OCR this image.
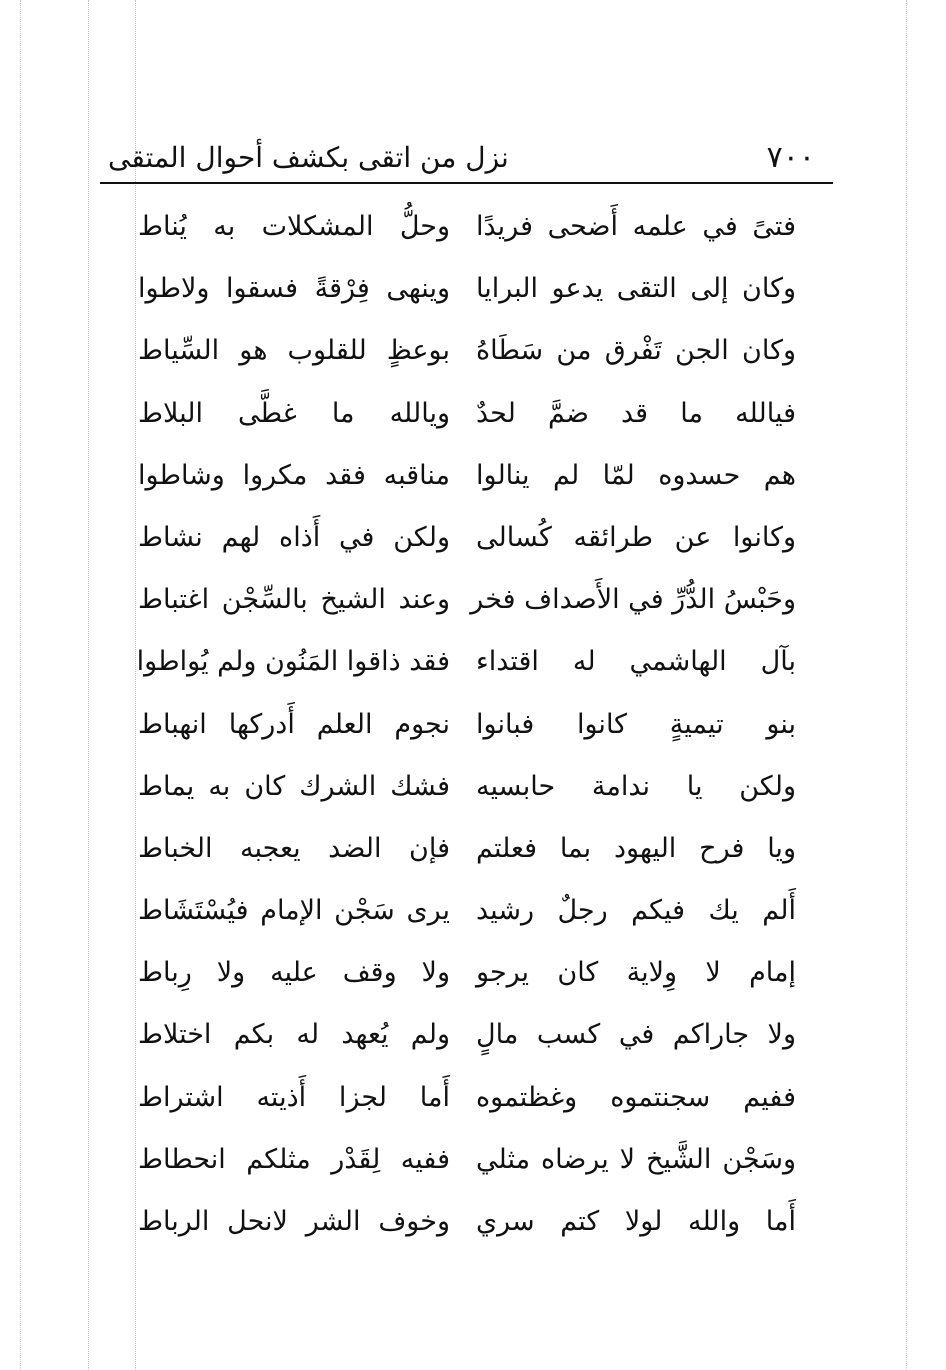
٧٠٠
نزل من اتقى بكشف أحوال المتقى
فتىً في علمه أَضحى فريدًا
وحلُّ المشكلات به يُناط
وكان إلى التقى يدعو البرايا
وينهى فِرْقةً فسقوا ولاطوا
وكان الجن تَفْرق من سَطَاهُ
بوعظٍ للقلوب هو السِّياط
فيالله ما قد ضمَّ لحدٌ
ويالله ما غطَّى البلاط
هم حسدوه لمّا لم ينالوا
مناقبه فقد مكروا وشاطوا
وكانوا عن طرائقه كُسالى
ولكن في أَذاه لهم نشاط
وحَبْسُ الدُّرِّ في الأَصداف فخر
وعند الشيخ بالسِّجْن اغتباط
بآل الهاشمي له اقتداء
فقد ذاقوا المَنُون ولم يُواطوا
بنو تيميةٍ كانوا فبانوا
نجوم العلم أَدركها انهباط
ولكن يا ندامة حابسيه
فشك الشرك كان به يماط
ويا فرح اليهود بما فعلتم
فإن الضد يعجبه الخباط
أَلم يك فيكم رجلٌ رشيد
يرى سَجْن الإمام فيُسْتَشَاط
إمام لا وِلاية كان يرجو
ولا وقف عليه ولا رِباط
ولا جاراكم في كسب مالٍ
ولم يُعهد له بكم اختلاط
ففيم سجنتموه وغظتموه
أَما لجزا أَذيته اشتراط
وسَجْن الشَّيخ لا يرضاه مثلي
ففيه لِقَدْر مثلكم انحطاط
أَما والله لولا كتم سري
وخوف الشر لانحل الرباط
